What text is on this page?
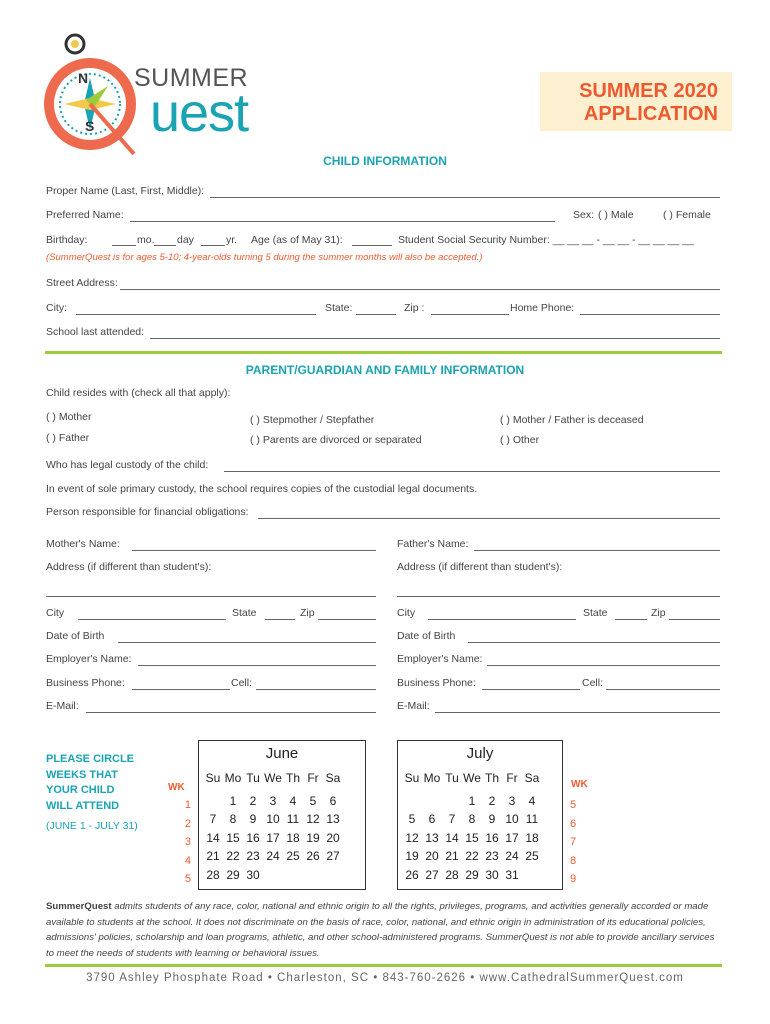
N
S
SUMMER
uest	SUMMER 2020
APPLICATION
CHILD INFORMATION
Proper Name (Last, First, Middle):
Preferred Name:	Sex: ( ) Male	( ) Female
Birthday:	mo. day	yr. Age (as of May 31):	Student Social Security Number: __ __ __ - __ __ - __ __ __ __
(SummerQuest is for ages 5-10; 4-year-olds turning 5 during the summer months will also be accepted.)
Street Address:
City:	State:	Zip :	Home Phone:
School last attended:
PARENT/GUARDIAN AND FAMILY INFORMATION
Child resides with (check all that apply):
( ) Mother	( ) Stepmother / Stepfather	( ) Mother / Father is deceased
( ) Father	( ) Parents are divorced or separated	( ) Other
Who has legal custody of the child:
In event of sole primary custody, the school requires copies of the custodial legal documents.
Person responsible for financial obligations:
Mother's Name:	Father's Name:
Address (if different than student's):	Address (if different than student's):
City	State	Zip	City	State	Zip
Date of Birth	Date of Birth
Employer's Name:	Employer's Name:
Business Phone:	Cell:	Business Phone:	Cell:
E-Mail:	E-Mail:
PLEASE CIRCLE
WEEKS THAT
YOUR CHILD
WILL ATTEND
(JUNE 1 - JULY 31)
WK
1
2
3
4
5
June
Su	Mo	Tu	We	Th	Fr	Sa

	1	2	3	4	5	6
7	8	9	10	11	12	13
14	15	16	17	18	19	20
21	22	23	24	25	26	27
28	29	30				
July
Su	Mo	Tu	We	Th	Fr	Sa

			1	2	3	4
5	6	7	8	9	10	11
12	13	14	15	16	17	18
19	20	21	22	23	24	25
26	27	28	29	30	31	
WK
5
6
7
8
9
SummerQuest admits students of any race, color, national and ethnic origin to all the rights, privileges, programs, and activities generally accorded or made available to students at the school. It does not discriminate on the basis of race, color, national, and ethnic origin in administration of its educational policies, admissions' policies, scholarship and loan programs, athletic, and other school-administered programs. SummerQuest is not able to provide ancillary services to meet the needs of students with learning or behavioral issues.
3790 Ashley Phosphate Road • Charleston, SC • 843-760-2626 • www.CathedralSummerQuest.com
